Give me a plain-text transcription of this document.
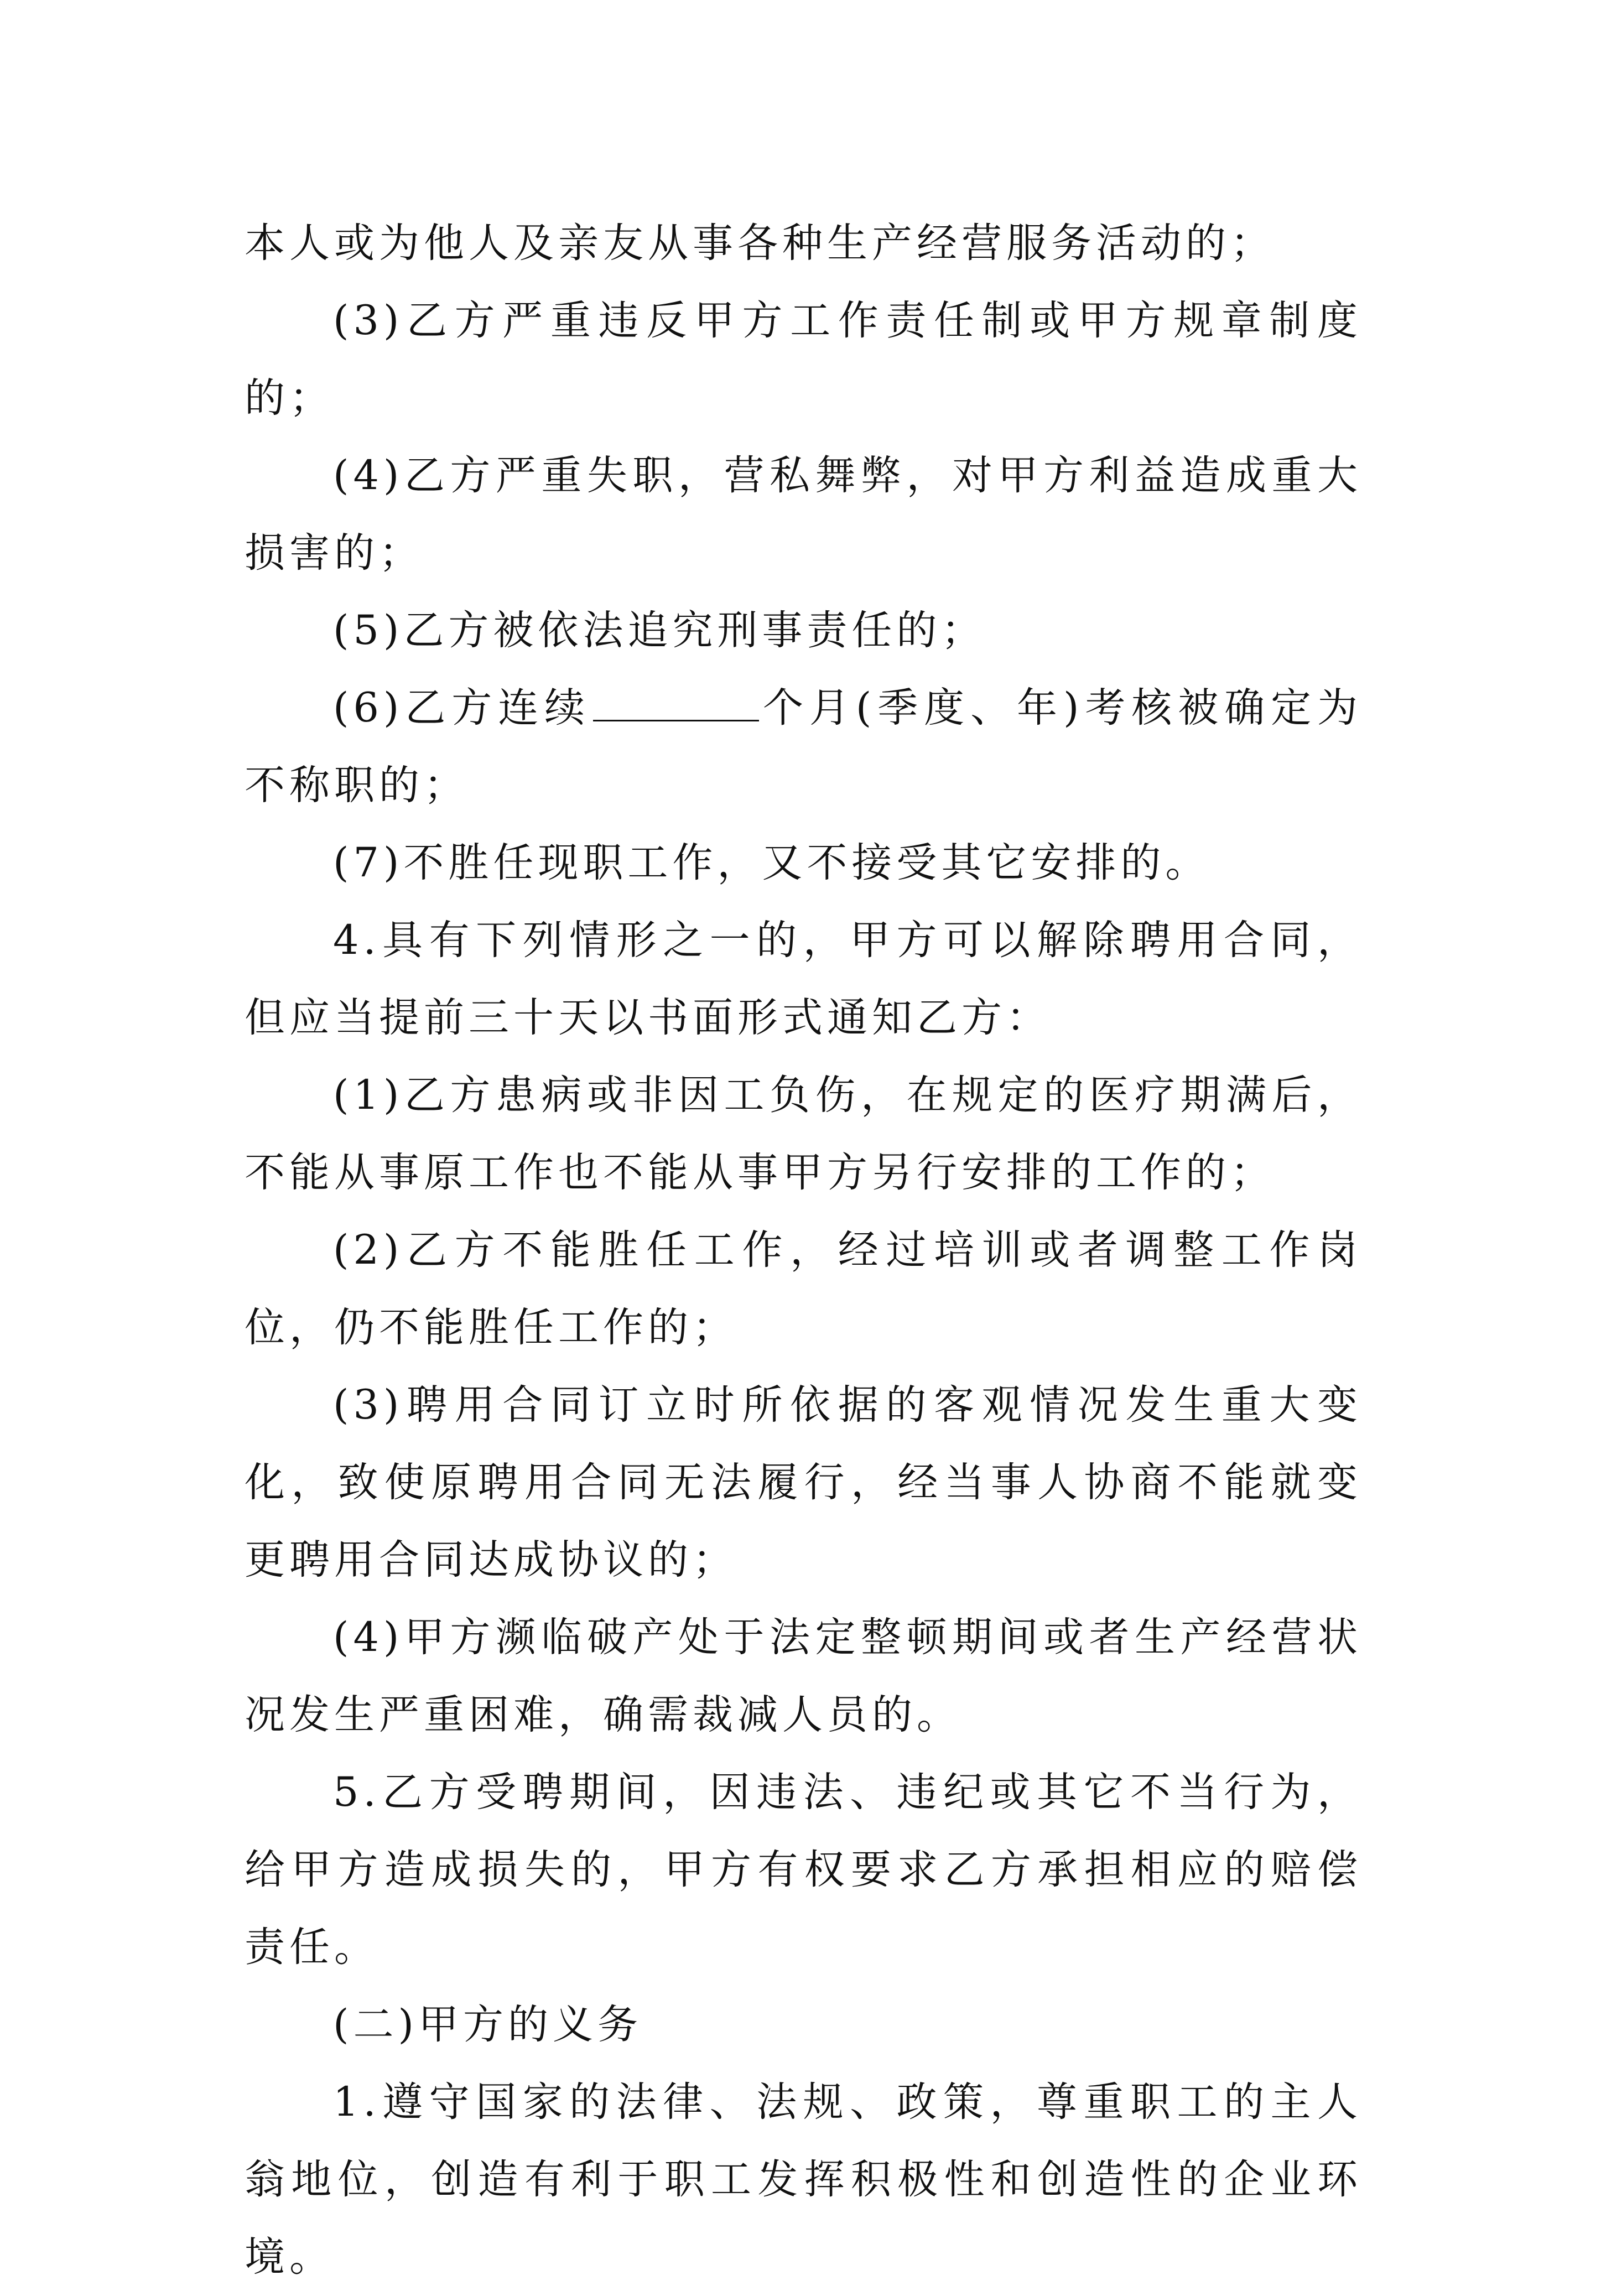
本人或为他人及亲友从事各种生产经营服务活动的；

(3)乙方严重违反甲方工作责任制或甲方规章制度的；

(4)乙方严重失职，营私舞弊，对甲方利益造成重大损害的；

(5)乙方被依法追究刑事责任的；

(6)乙方连续	个月(季度、年)考核被确定为不称职的；

(7)不胜任现职工作，又不接受其它安排的。

4.具有下列情形之一的，甲方可以解除聘用合同，但应当提前三十天以书面形式通知乙方：

(1)乙方患病或非因工负伤，在规定的医疗期满后，不能从事原工作也不能从事甲方另行安排的工作的；

(2)乙方不能胜任工作，经过培训或者调整工作岗位，仍不能胜任工作的；

(3)聘用合同订立时所依据的客观情况发生重大变化，致使原聘用合同无法履行，经当事人协商不能就变更聘用合同达成协议的；

(4)甲方濒临破产处于法定整顿期间或者生产经营状况发生严重困难，确需裁减人员的。

5.乙方受聘期间，因违法、违纪或其它不当行为，给甲方造成损失的，甲方有权要求乙方承担相应的赔偿责任。

(二)甲方的义务

1.遵守国家的法律、法规、政策，尊重职工的主人翁地位，创造有利于职工发挥积极性和创造性的企业环境。
